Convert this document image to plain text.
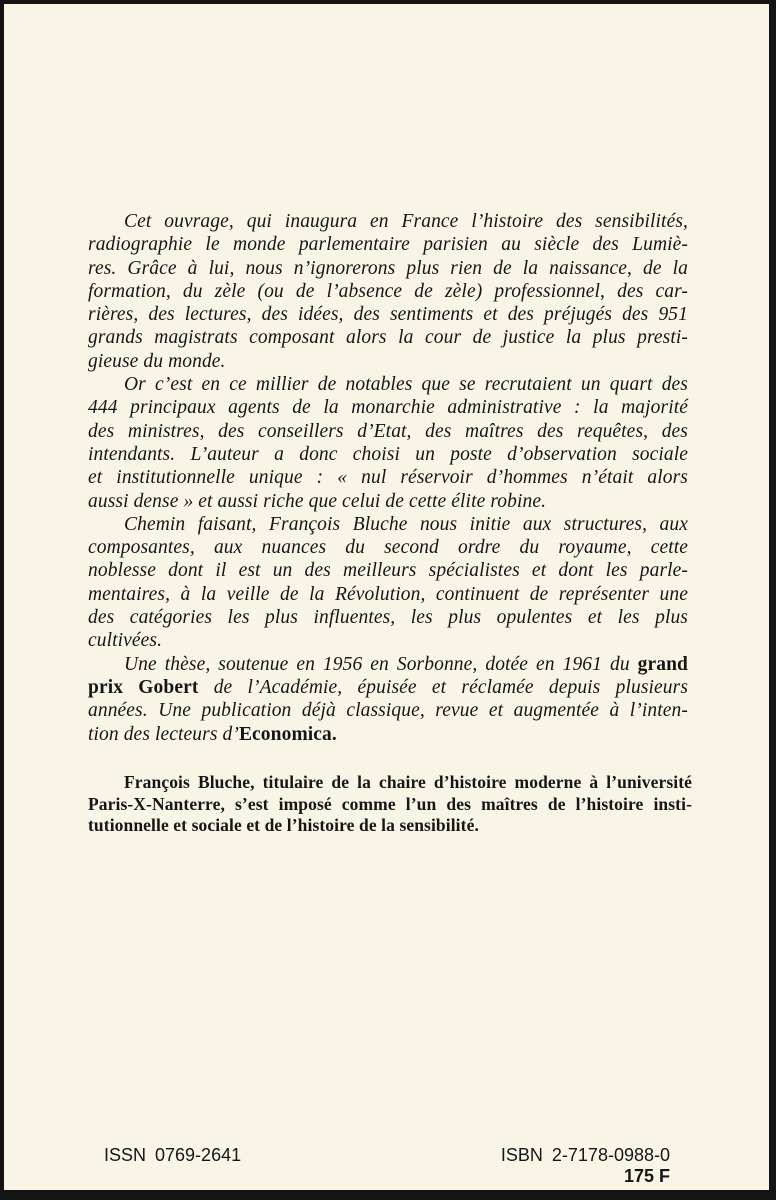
Cet ouvrage, qui inaugura en France l’histoire des sensibilités,
radiographie le monde parlementaire parisien au siècle des Lumiè-
res. Grâce à lui, nous n’ignorerons plus rien de la naissance, de la
formation, du zèle (ou de l’absence de zèle) professionnel, des car-
rières, des lectures, des idées, des sentiments et des préjugés des 951
grands magistrats composant alors la cour de justice la plus presti-
gieuse du monde.
Or c’est en ce millier de notables que se recrutaient un quart des
444 principaux agents de la monarchie administrative : la majorité
des ministres, des conseillers d’Etat, des maîtres des requêtes, des
intendants. L’auteur a donc choisi un poste d’observation sociale
et institutionnelle unique : « nul réservoir d’hommes n’était alors
aussi dense » et aussi riche que celui de cette élite robine.
Chemin faisant, François Bluche nous initie aux structures, aux
composantes, aux nuances du second ordre du royaume, cette
noblesse dont il est un des meilleurs spécialistes et dont les parle-
mentaires, à la veille de la Révolution, continuent de représenter une
des catégories les plus influentes, les plus opulentes et les plus
cultivées.
Une thèse, soutenue en 1956 en Sorbonne, dotée en 1961 du grand
prix Gobert de l’Académie, épuisée et réclamée depuis plusieurs
années. Une publication déjà classique, revue et augmentée à l’inten-
tion des lecteurs d’Economica.
François Bluche, titulaire de la chaire d’histoire moderne à l’université
Paris-X-Nanterre, s’est imposé comme l’un des maîtres de l’histoire insti-
tutionnelle et sociale et de l’histoire de la sensibilité.
ISSN 0769-2641	ISBN 2-7178-0988-0
175 F
